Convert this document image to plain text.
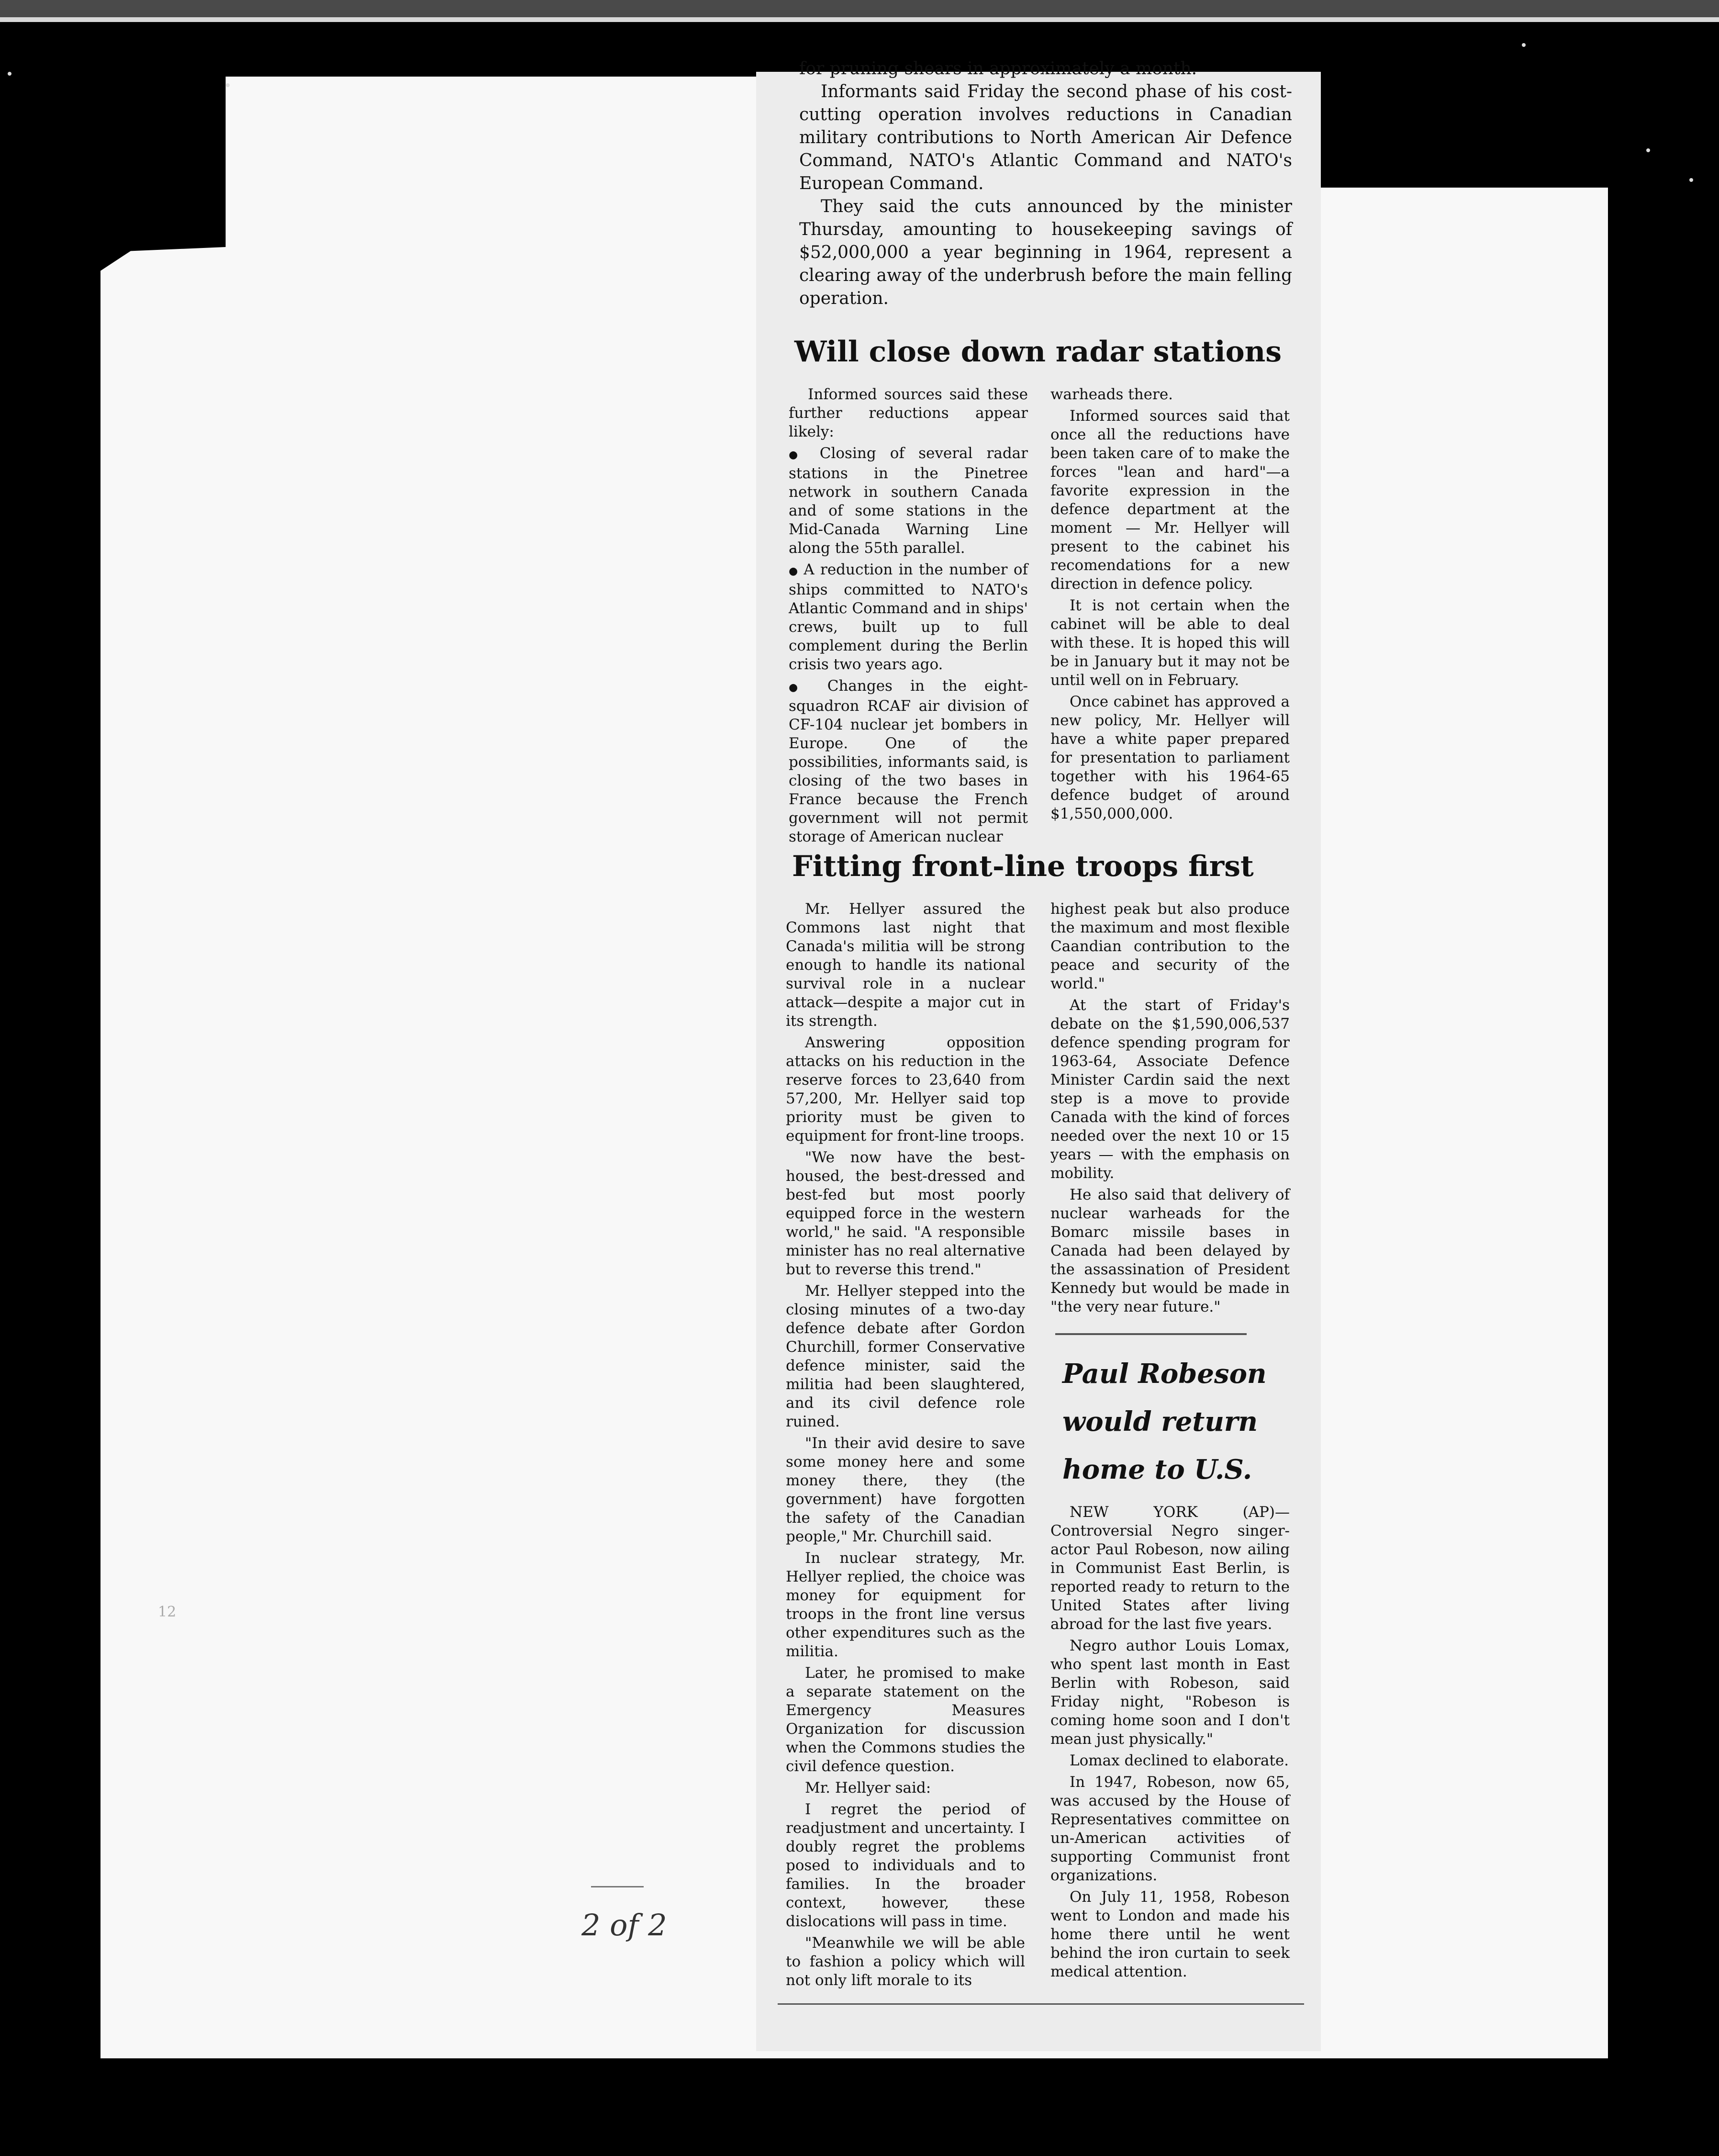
for pruning shears in approximately a month.

Informants said Friday the second phase of his cost-cutting operation involves reductions in Canadian military contributions to North American Air Defence Command, NATO's Atlantic Command and NATO's European Command.

They said the cuts announced by the minister Thursday, amounting to housekeeping savings of $52,000,000 a year beginning in 1964, represent a clearing away of the underbrush before the main felling operation.

Will close down radar stations

Informed sources said these further reductions appear likely:

● Closing of several radar stations in the Pinetree network in southern Canada and of some stations in the Mid-Canada Warning Line along the 55th parallel.

● A reduction in the number of ships committed to NATO's Atlantic Command and in ships' crews, built up to full complement during the Berlin crisis two years ago.

● Changes in the eight-squadron RCAF air division of CF-104 nuclear jet bombers in Europe. One of the possibilities, informants said, is closing of the two bases in France because the French government will not permit storage of American nuclear

warheads there.

Informed sources said that once all the reductions have been taken care of to make the forces "lean and hard"—a favorite expression in the defence department at the moment — Mr. Hellyer will present to the cabinet his recomendations for a new direction in defence policy.

It is not certain when the cabinet will be able to deal with these. It is hoped this will be in January but it may not be until well on in February.

Once cabinet has approved a new policy, Mr. Hellyer will have a white paper prepared for presentation to parliament together with his 1964-65 defence budget of around $1,550,000,000.

Fitting front-line troops first

Mr. Hellyer assured the Commons last night that Canada's militia will be strong enough to handle its national survival role in a nuclear attack—despite a major cut in its strength.

Answering opposition attacks on his reduction in the reserve forces to 23,640 from 57,200, Mr. Hellyer said top priority must be given to equipment for front-line troops.

"We now have the best-housed, the best-dressed and best-fed but most poorly equipped force in the western world," he said. "A responsible minister has no real alternative but to reverse this trend."

Mr. Hellyer stepped into the closing minutes of a two-day defence debate after Gordon Churchill, former Conservative defence minister, said the militia had been slaughtered, and its civil defence role ruined.

"In their avid desire to save some money here and some money there, they (the government) have forgotten the safety of the Canadian people," Mr. Churchill said.

In nuclear strategy, Mr. Hellyer replied, the choice was money for equipment for troops in the front line versus other expenditures such as the militia.

Later, he promised to make a separate statement on the Emergency Measures Organization for discussion when the Commons studies the civil defence question.

Mr. Hellyer said:

I regret the period of readjustment and uncertainty. I doubly regret the problems posed to individuals and to families. In the broader context, however, these dislocations will pass in time.

"Meanwhile we will be able to fashion a policy which will not only lift morale to its

highest peak but also produce the maximum and most flexible Caandian contribution to the peace and security of the world."

At the start of Friday's debate on the $1,590,006,537 defence spending program for 1963-64, Associate Defence Minister Cardin said the next step is a move to provide Canada with the kind of forces needed over the next 10 or 15 years — with the emphasis on mobility.

He also said that delivery of nuclear warheads for the Bomarc missile bases in Canada had been delayed by the assassination of President Kennedy but would be made in "the very near future."

Paul Robeson
would return
home to U.S.

NEW YORK (AP)—Controversial Negro singer-actor Paul Robeson, now ailing in Communist East Berlin, is reported ready to return to the United States after living abroad for the last five years.

Negro author Louis Lomax, who spent last month in East Berlin with Robeson, said Friday night, "Robeson is coming home soon and I don't mean just physically."

Lomax declined to elaborate.

In 1947, Robeson, now 65, was accused by the House of Representatives committee on un-American activities of supporting Communist front organizations.

On July 11, 1958, Robeson went to London and made his home there until he went behind the iron curtain to seek medical attention.

2 of 2
12
